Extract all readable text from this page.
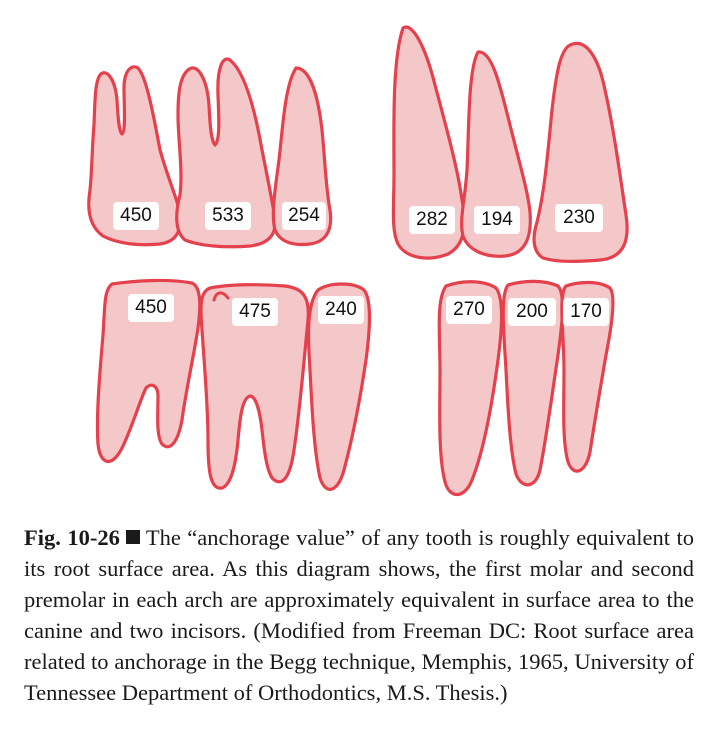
450	533 254	282 194	230
450	475	240	270 200 170
Fig. 10-26 The “anchorage value” of any tooth is roughly equivalent to its root surface area. As this diagram shows, the first molar and second premolar in each arch are approximately equivalent in surface area to the canine and two incisors. (Modified from Freeman DC: Root surface area related to anchorage in the Begg technique, Memphis, 1965, University of Tennessee Department of Orthodontics, M.S. Thesis.)
